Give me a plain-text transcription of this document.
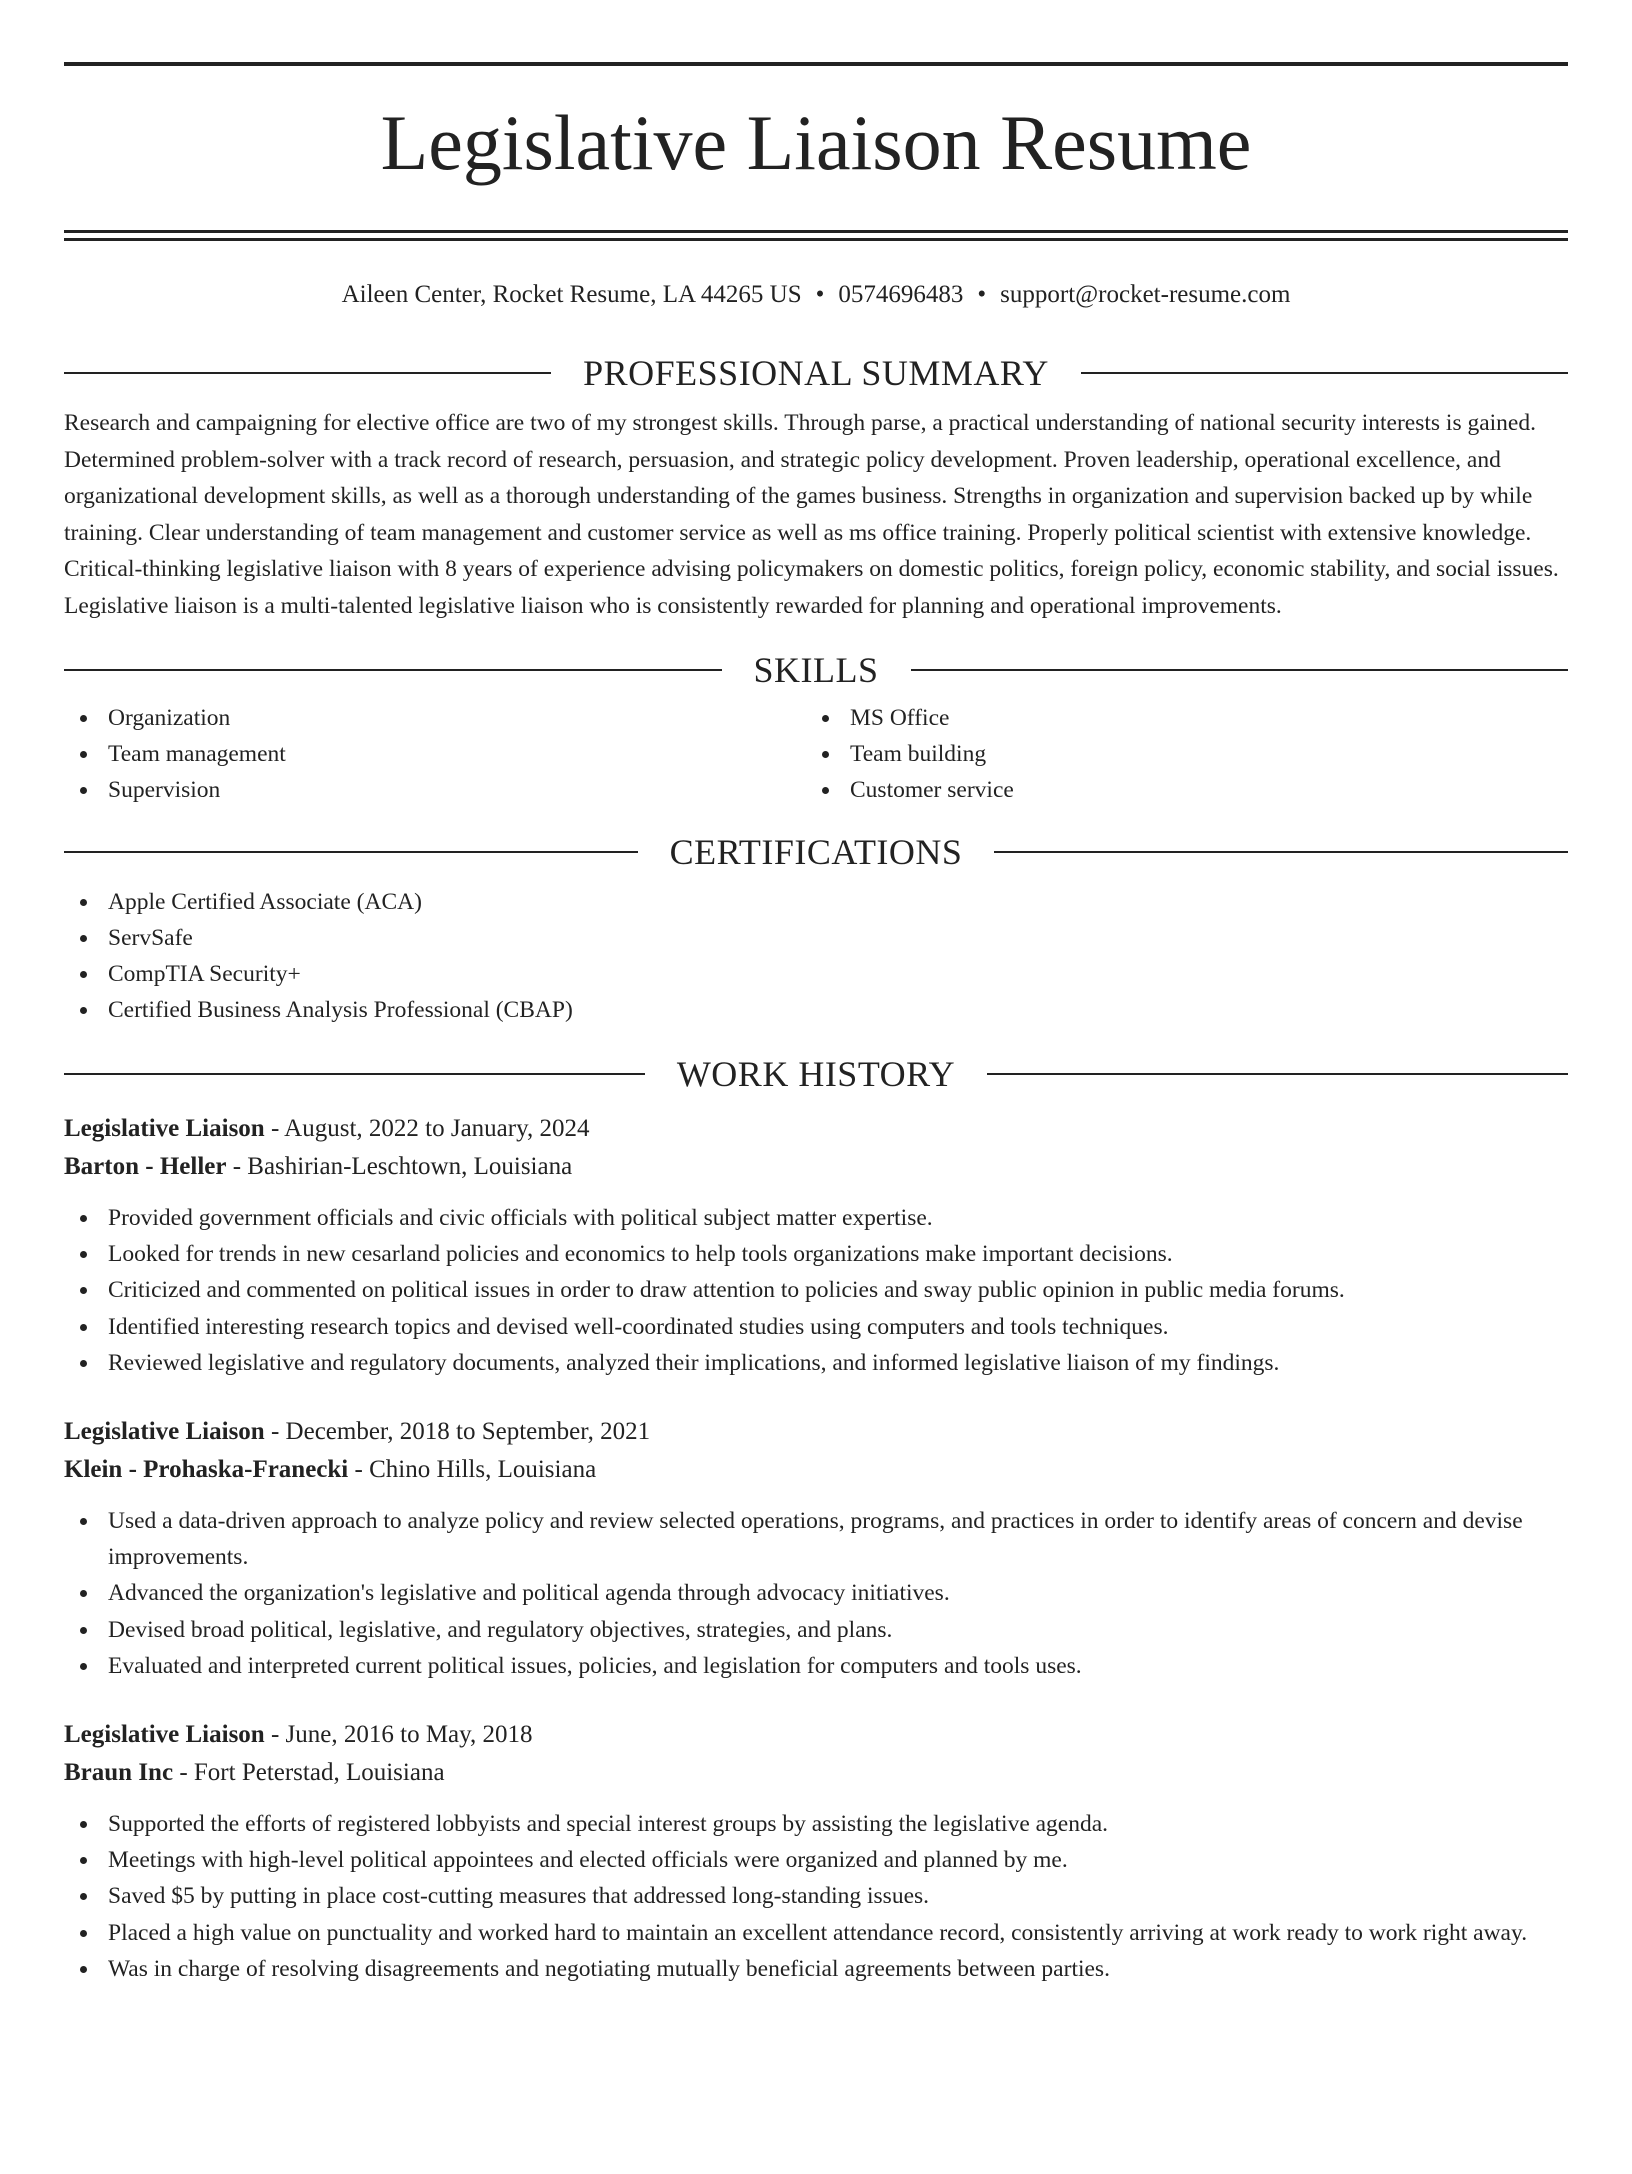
Legislative Liaison Resume
Aileen Center, Rocket Resume, LA 44265 US • 0574696483 • support@rocket-resume.com
PROFESSIONAL SUMMARY

Research and campaigning for elective office are two of my strongest skills. Through parse, a practical understanding of national security interests is gained. Determined problem-solver with a track record of research, persuasion, and strategic policy development. Proven leadership, operational excellence, and organizational development skills, as well as a thorough understanding of the games business. Strengths in organization and supervision backed up by while training. Clear understanding of team management and customer service as well as ms office training. Properly political scientist with extensive knowledge. Critical-thinking legislative liaison with 8 years of experience advising policymakers on domestic politics, foreign policy, economic stability, and social issues. Legislative liaison is a multi-talented legislative liaison who is consistently rewarded for planning and operational improvements.

SKILLS
Organization
Team management
Supervision
MS Office
Team building
Customer service
CERTIFICATIONS
Apple Certified Associate (ACA)
ServSafe
CompTIA Security+
Certified Business Analysis Professional (CBAP)
WORK HISTORY
Legislative Liaison - August, 2022 to January, 2024
Barton - Heller - Bashirian-Leschtown, Louisiana
Provided government officials and civic officials with political subject matter expertise.
Looked for trends in new cesarland policies and economics to help tools organizations make important decisions.
Criticized and commented on political issues in order to draw attention to policies and sway public opinion in public media forums.
Identified interesting research topics and devised well-coordinated studies using computers and tools techniques.
Reviewed legislative and regulatory documents, analyzed their implications, and informed legislative liaison of my findings.
Legislative Liaison - December, 2018 to September, 2021
Klein - Prohaska-Franecki - Chino Hills, Louisiana
Used a data-driven approach to analyze policy and review selected operations, programs, and practices in order to identify areas of concern and devise improvements.
Advanced the organization's legislative and political agenda through advocacy initiatives.
Devised broad political, legislative, and regulatory objectives, strategies, and plans.
Evaluated and interpreted current political issues, policies, and legislation for computers and tools uses.
Legislative Liaison - June, 2016 to May, 2018
Braun Inc - Fort Peterstad, Louisiana
Supported the efforts of registered lobbyists and special interest groups by assisting the legislative agenda.
Meetings with high-level political appointees and elected officials were organized and planned by me.
Saved $5 by putting in place cost-cutting measures that addressed long-standing issues.
Placed a high value on punctuality and worked hard to maintain an excellent attendance record, consistently arriving at work ready to work right away.
Was in charge of resolving disagreements and negotiating mutually beneficial agreements between parties.
